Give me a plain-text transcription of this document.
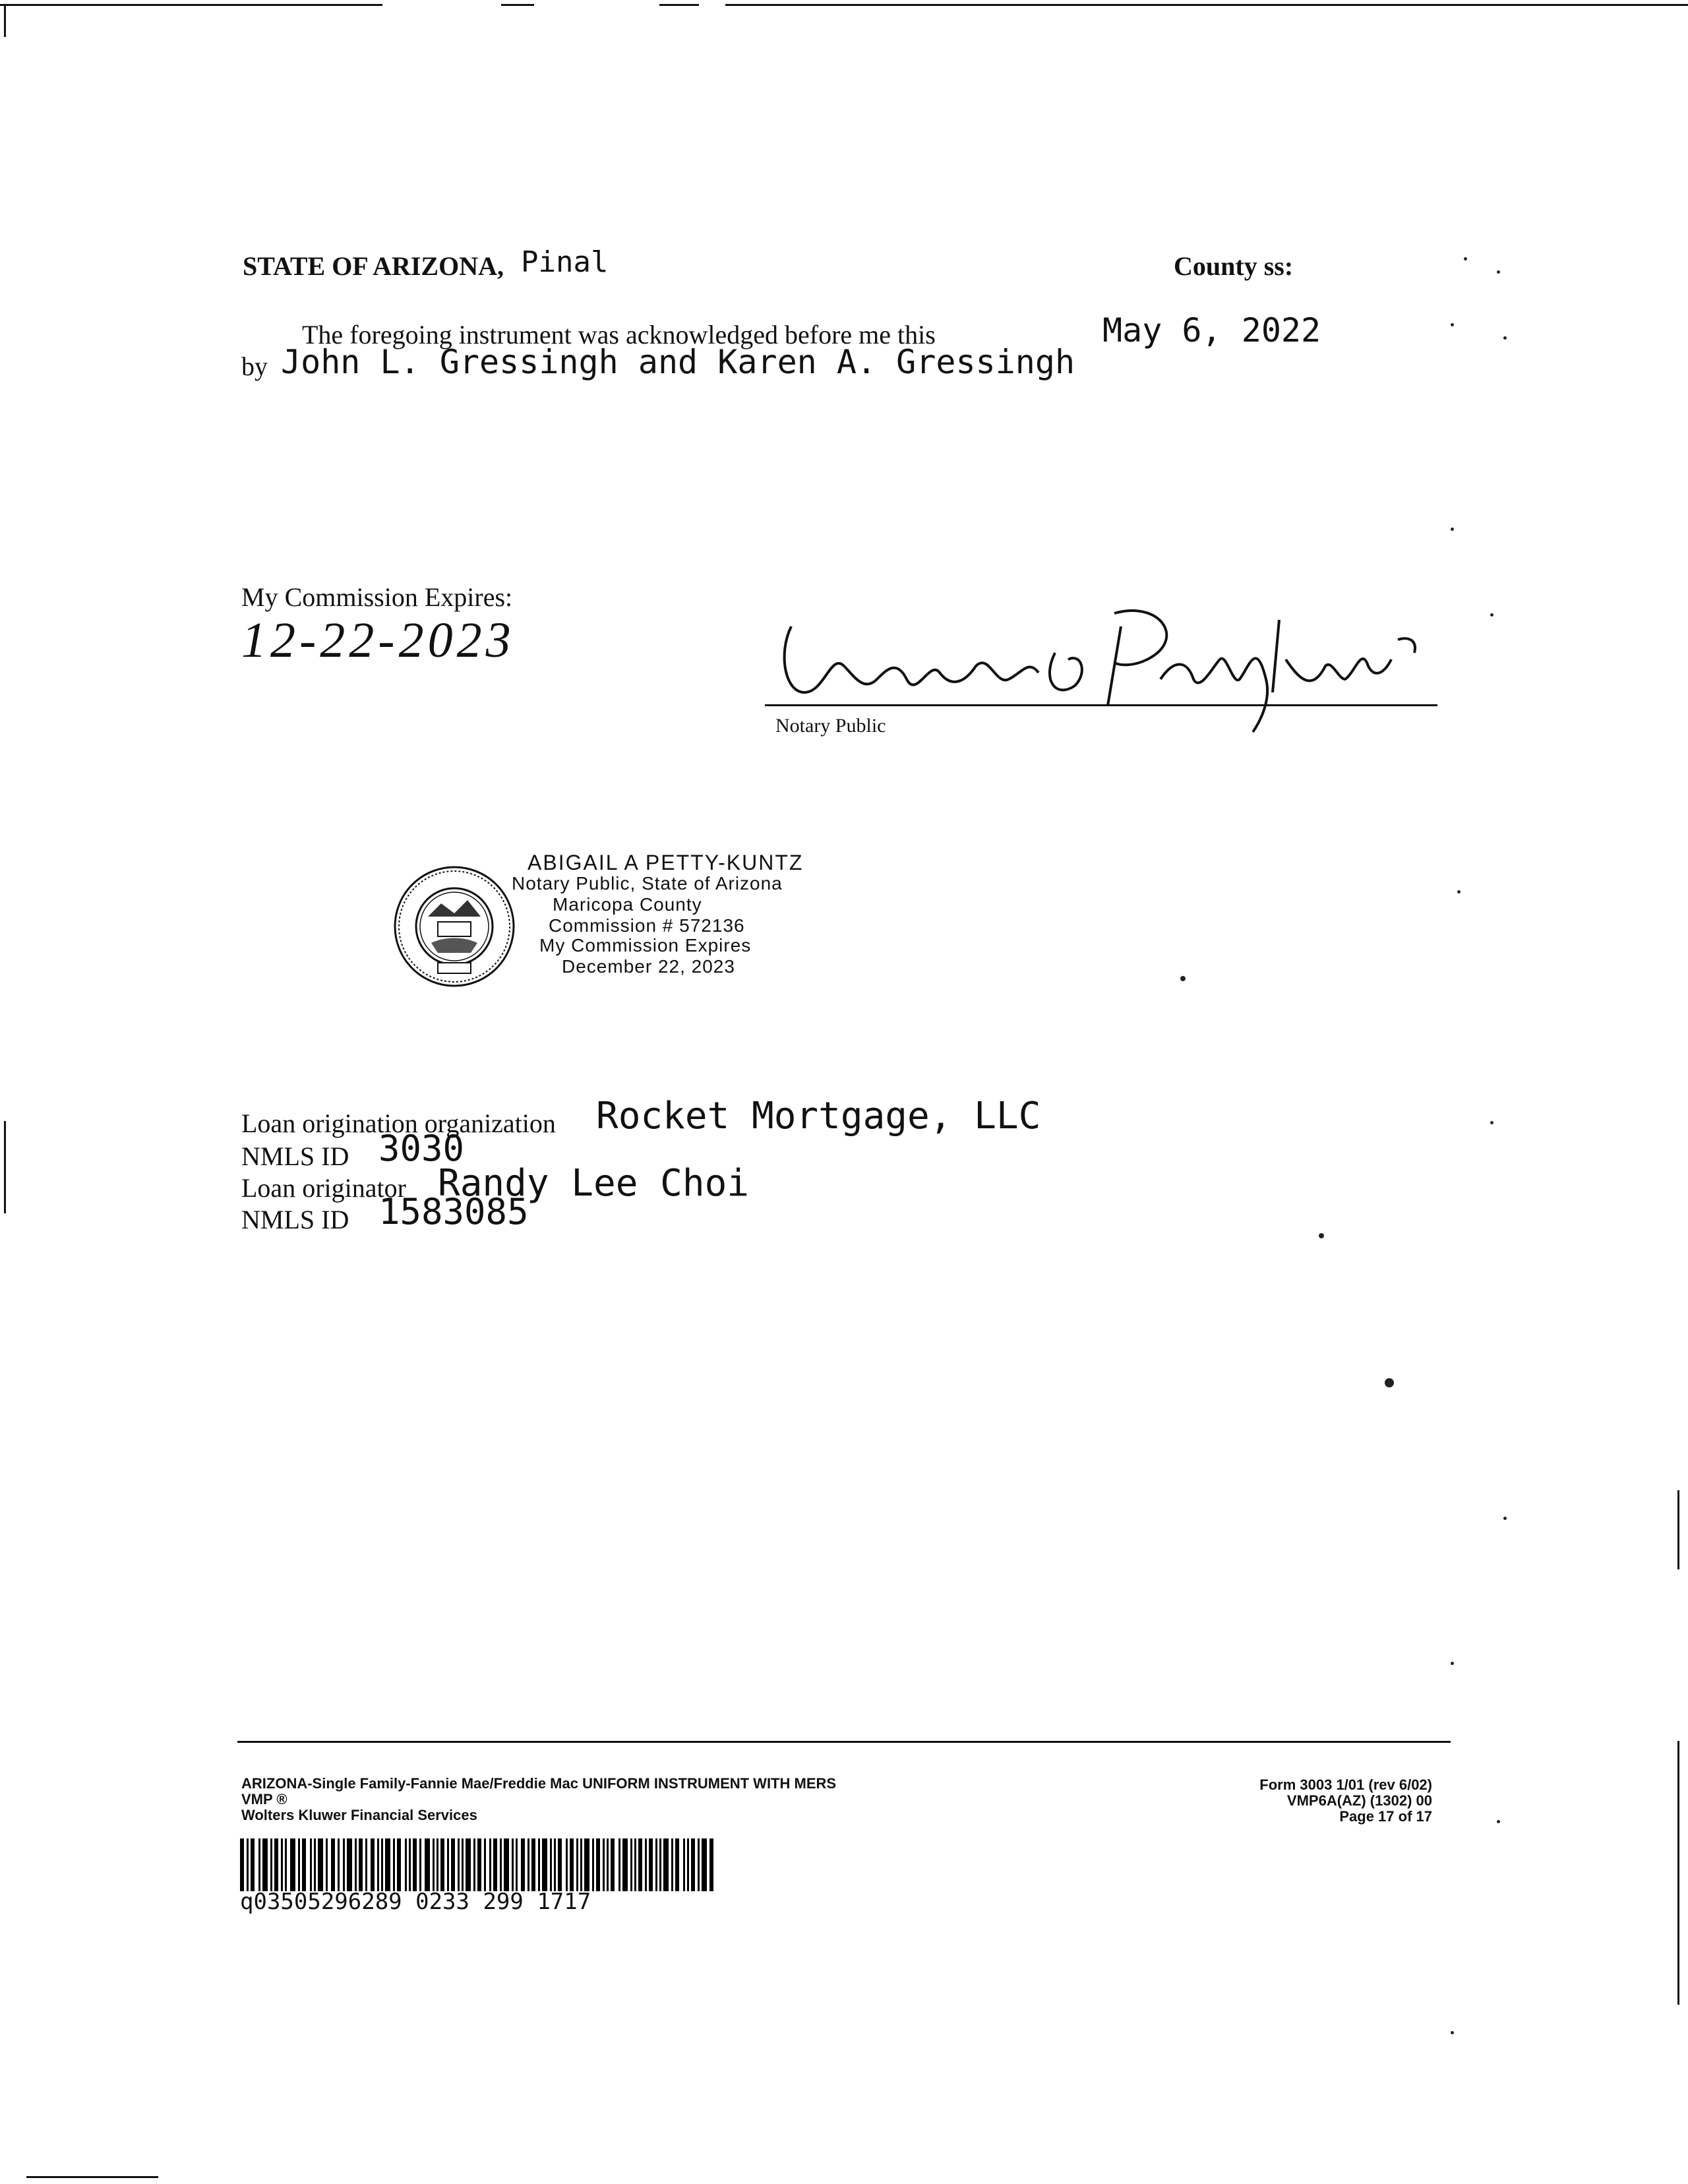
STATE OF ARIZONA, Pinal	County ss:
The foregoing instrument was acknowledged before me this	May 6, 2022
by John L. Gressingh and Karen A. Gressingh
My Commission Expires:
12-22-2023
Notary Public
ABIGAIL A PETTY-KUNTZ
Notary Public, State of Arizona
Maricopa County
Commission # 572136
My Commission Expires
December 22, 2023
Loan origination organization Rocket Mortgage, LLC
NMLS ID 3030
Loan originator Randy Lee Choi
NMLS ID 1583085
ARIZONA-Single Family-Fannie Mae/Freddie Mac UNIFORM INSTRUMENT WITH MERS
VMP ®
Wolters Kluwer Financial Services
Form 3003 1/01 (rev 6/02)
VMP6A(AZ) (1302) 00
Page 17 of 17
q03505296289 0233 299 1717
